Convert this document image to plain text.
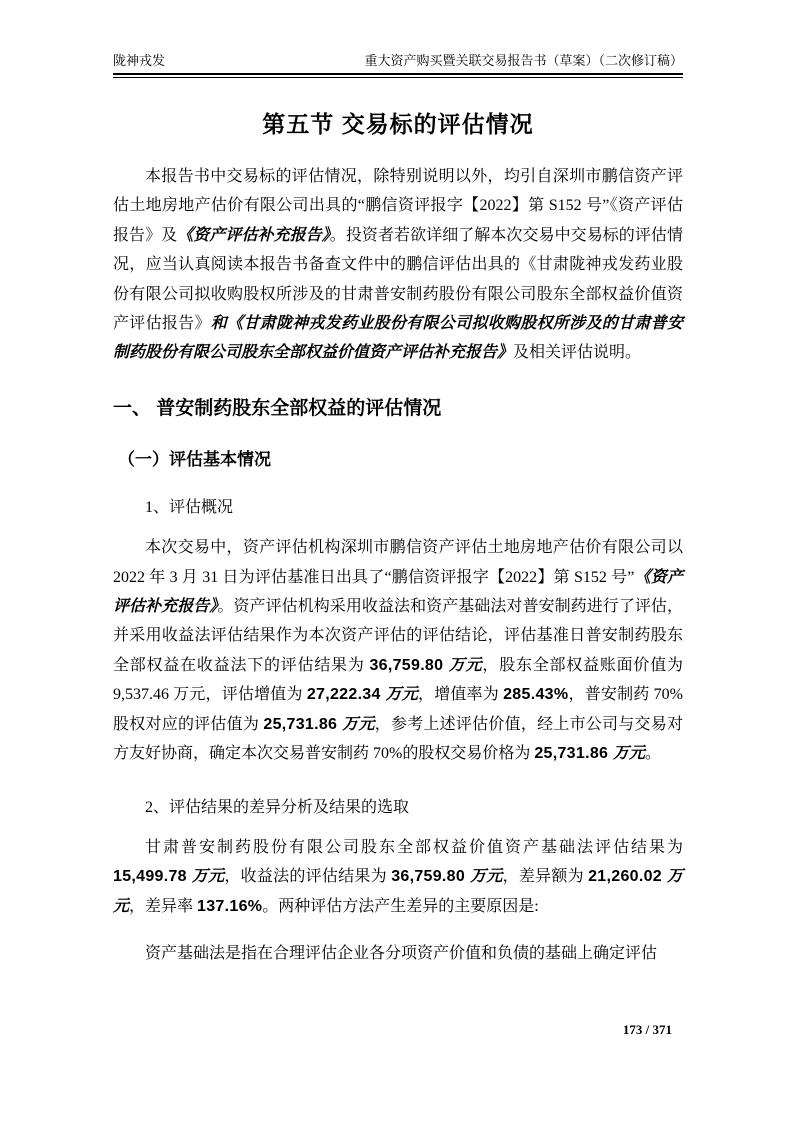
陇神戎发	重大资产购买暨关联交易报告书（草案）（二次修订稿）
第五节 交易标的评估情况

本报告书中交易标的评估情况，除特别说明以外，均引自深圳市鹏信资产评估土地房地产估价有限公司出具的“鹏信资评报字【2022】第 S152 号”《资产评估报告》及《资产评估补充报告》。投资者若欲详细了解本次交易中交易标的评估情况，应当认真阅读本报告书备查文件中的鹏信评估出具的《甘肃陇神戎发药业股份有限公司拟收购股权所涉及的甘肃普安制药股份有限公司股东全部权益价值资产评估报告》和《甘肃陇神戎发药业股份有限公司拟收购股权所涉及的甘肃普安制药股份有限公司股东全部权益价值资产评估补充报告》及相关评估说明。

一、 普安制药股东全部权益的评估情况
（一）评估基本情况

1、评估概况

本次交易中，资产评估机构深圳市鹏信资产评估土地房地产估价有限公司以 2022 年 3 月 31 日为评估基准日出具了“鹏信资评报字【2022】第 S152 号”《资产评估补充报告》。资产评估机构采用收益法和资产基础法对普安制药进行了评估，并采用收益法评估结果作为本次资产评估的评估结论，评估基准日普安制药股东全部权益在收益法下的评估结果为 36,759.80 万元，股东全部权益账面价值为 9,537.46 万元，评估增值为 27,222.34 万元，增值率为 285.43%，普安制药 70%股权对应的评估值为 25,731.86 万元，参考上述评估价值，经上市公司与交易对方友好协商，确定本次交易普安制药 70%的股权交易价格为 25,731.86 万元。

2、评估结果的差异分析及结果的选取

甘肃普安制药股份有限公司股东全部权益价值资产基础法评估结果为 15,499.78 万元，收益法的评估结果为 36,759.80 万元，差异额为 21,260.02 万元，差异率 137.16%。两种评估方法产生差异的主要原因是:

资产基础法是指在合理评估企业各分项资产价值和负债的基础上确定评估

173 / 371
